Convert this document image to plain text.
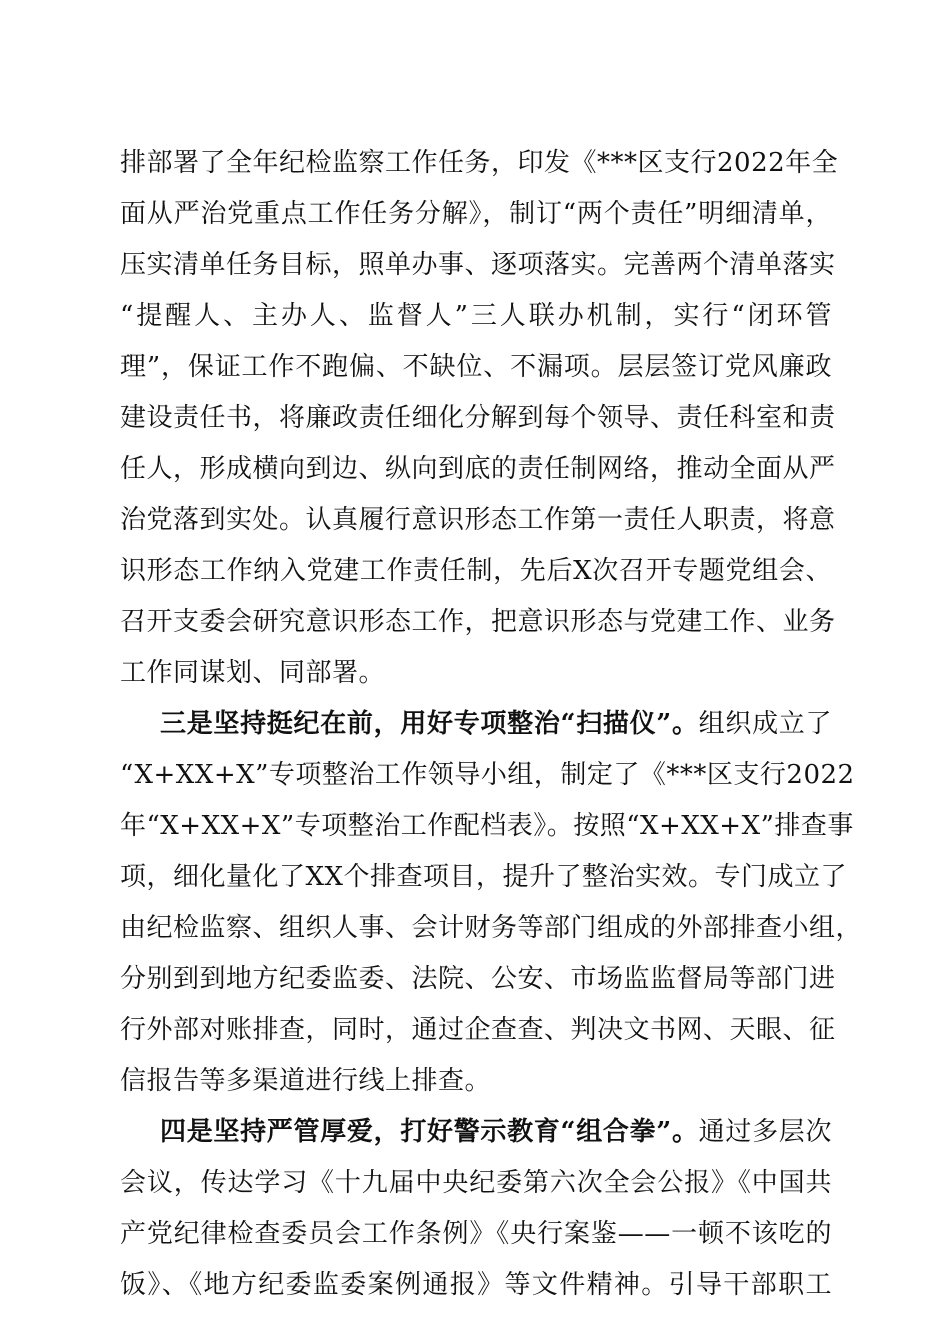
排部署了全年纪检监察工作任务，印发《***区支行2022年全
面从严治党重点工作任务分解》，制订“两个责任”明细清单，
压实清单任务目标，照单办事、逐项落实。完善两个清单落实
“提醒人、主办人、监督人”三人联办机制，实行“闭环管
理”，保证工作不跑偏、不缺位、不漏项。层层签订党风廉政
建设责任书，将廉政责任细化分解到每个领导、责任科室和责
任人，形成横向到边、纵向到底的责任制网络，推动全面从严
治党落到实处。认真履行意识形态工作第一责任人职责，将意
识形态工作纳入党建工作责任制，先后X次召开专题党组会、
召开支委会研究意识形态工作，把意识形态与党建工作、业务
工作同谋划、同部署。
三是坚持挺纪在前，用好专项整治“扫描仪”。组织成立了
“X+XX+X”专项整治工作领导小组，制定了《***区支行2022
年“X+XX+X”专项整治工作配档表》。按照“X+XX+X”排查事
项，细化量化了XX个排查项目，提升了整治实效。专门成立了
由纪检监察、组织人事、会计财务等部门组成的外部排查小组，
分别到到地方纪委监委、法院、公安、市场监监督局等部门进
行外部对账排查，同时，通过企查查、判决文书网、天眼、征
信报告等多渠道进行线上排查。
四是坚持严管厚爱，打好警示教育“组合拳”。通过多层次
会议，传达学习《十九届中央纪委第六次全会公报》《中国共
产党纪律检查委员会工作条例》《央行案鉴——一顿不该吃的
饭》、《地方纪委监委案例通报》等文件精神。引导干部职工
